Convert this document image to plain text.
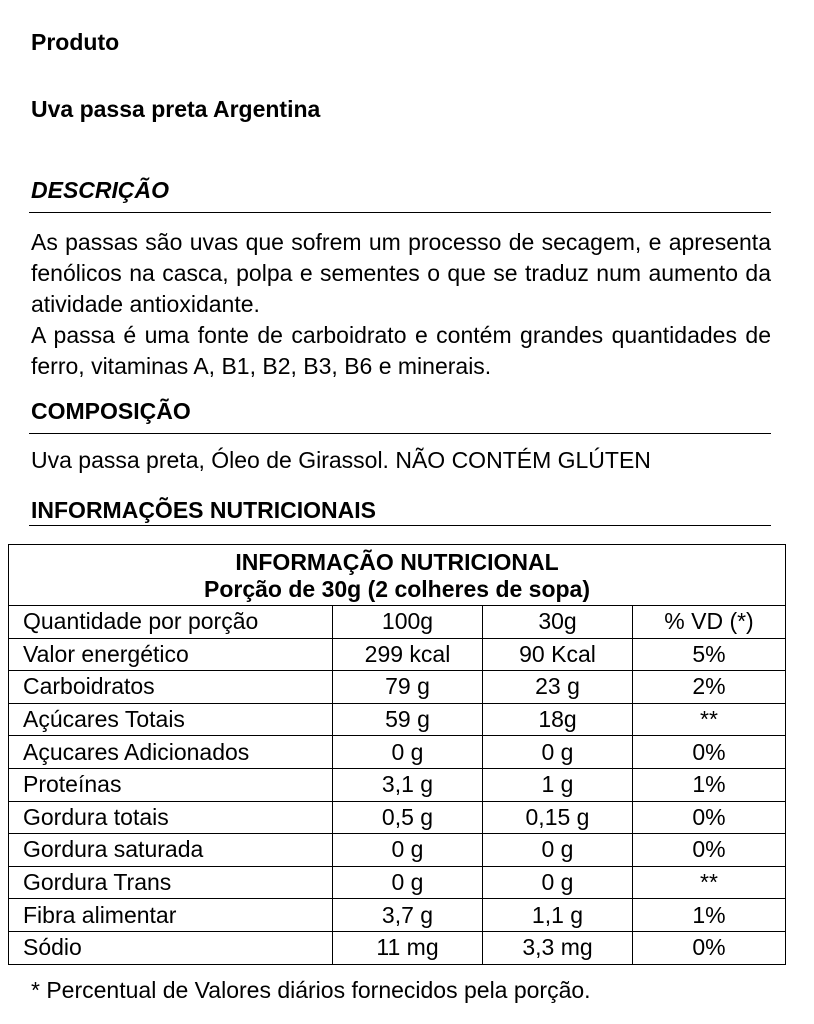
Produto
Uva passa preta Argentina
DESCRIÇÃO

As passas são uvas que sofrem um processo de secagem, e apresenta fenólicos na casca, polpa e sementes o que se traduz num aumento da atividade antioxidante.

A passa é uma fonte de carboidrato e contém grandes quantidades de ferro, vitaminas A, B1, B2, B3, B6 e minerais.

COMPOSIÇÃO
Uva passa preta, Óleo de Girassol. NÃO CONTÉM GLÚTEN
INFORMAÇÕES NUTRICIONAIS
INFORMAÇÃO NUTRICIONAL			
Porção de 30g (2 colheres de sopa)			
Quantidade por porção	100g	30g	% VD (*)
Valor energético	299 kcal	90 Kcal	5%
Carboidratos	79 g	23 g	2%
Açúcares Totais	59 g	18g	**
Açucares Adicionados	0 g	0 g	0%
Proteínas	3,1 g	1 g	1%
Gordura totais	0,5 g	0,15 g	0%
Gordura saturada	0 g	0 g	0%
Gordura Trans	0 g	0 g	**
Fibra alimentar	3,7 g	1,1 g	1%
Sódio	11 mg	3,3 mg	0%
* Percentual de Valores diários fornecidos pela porção.
